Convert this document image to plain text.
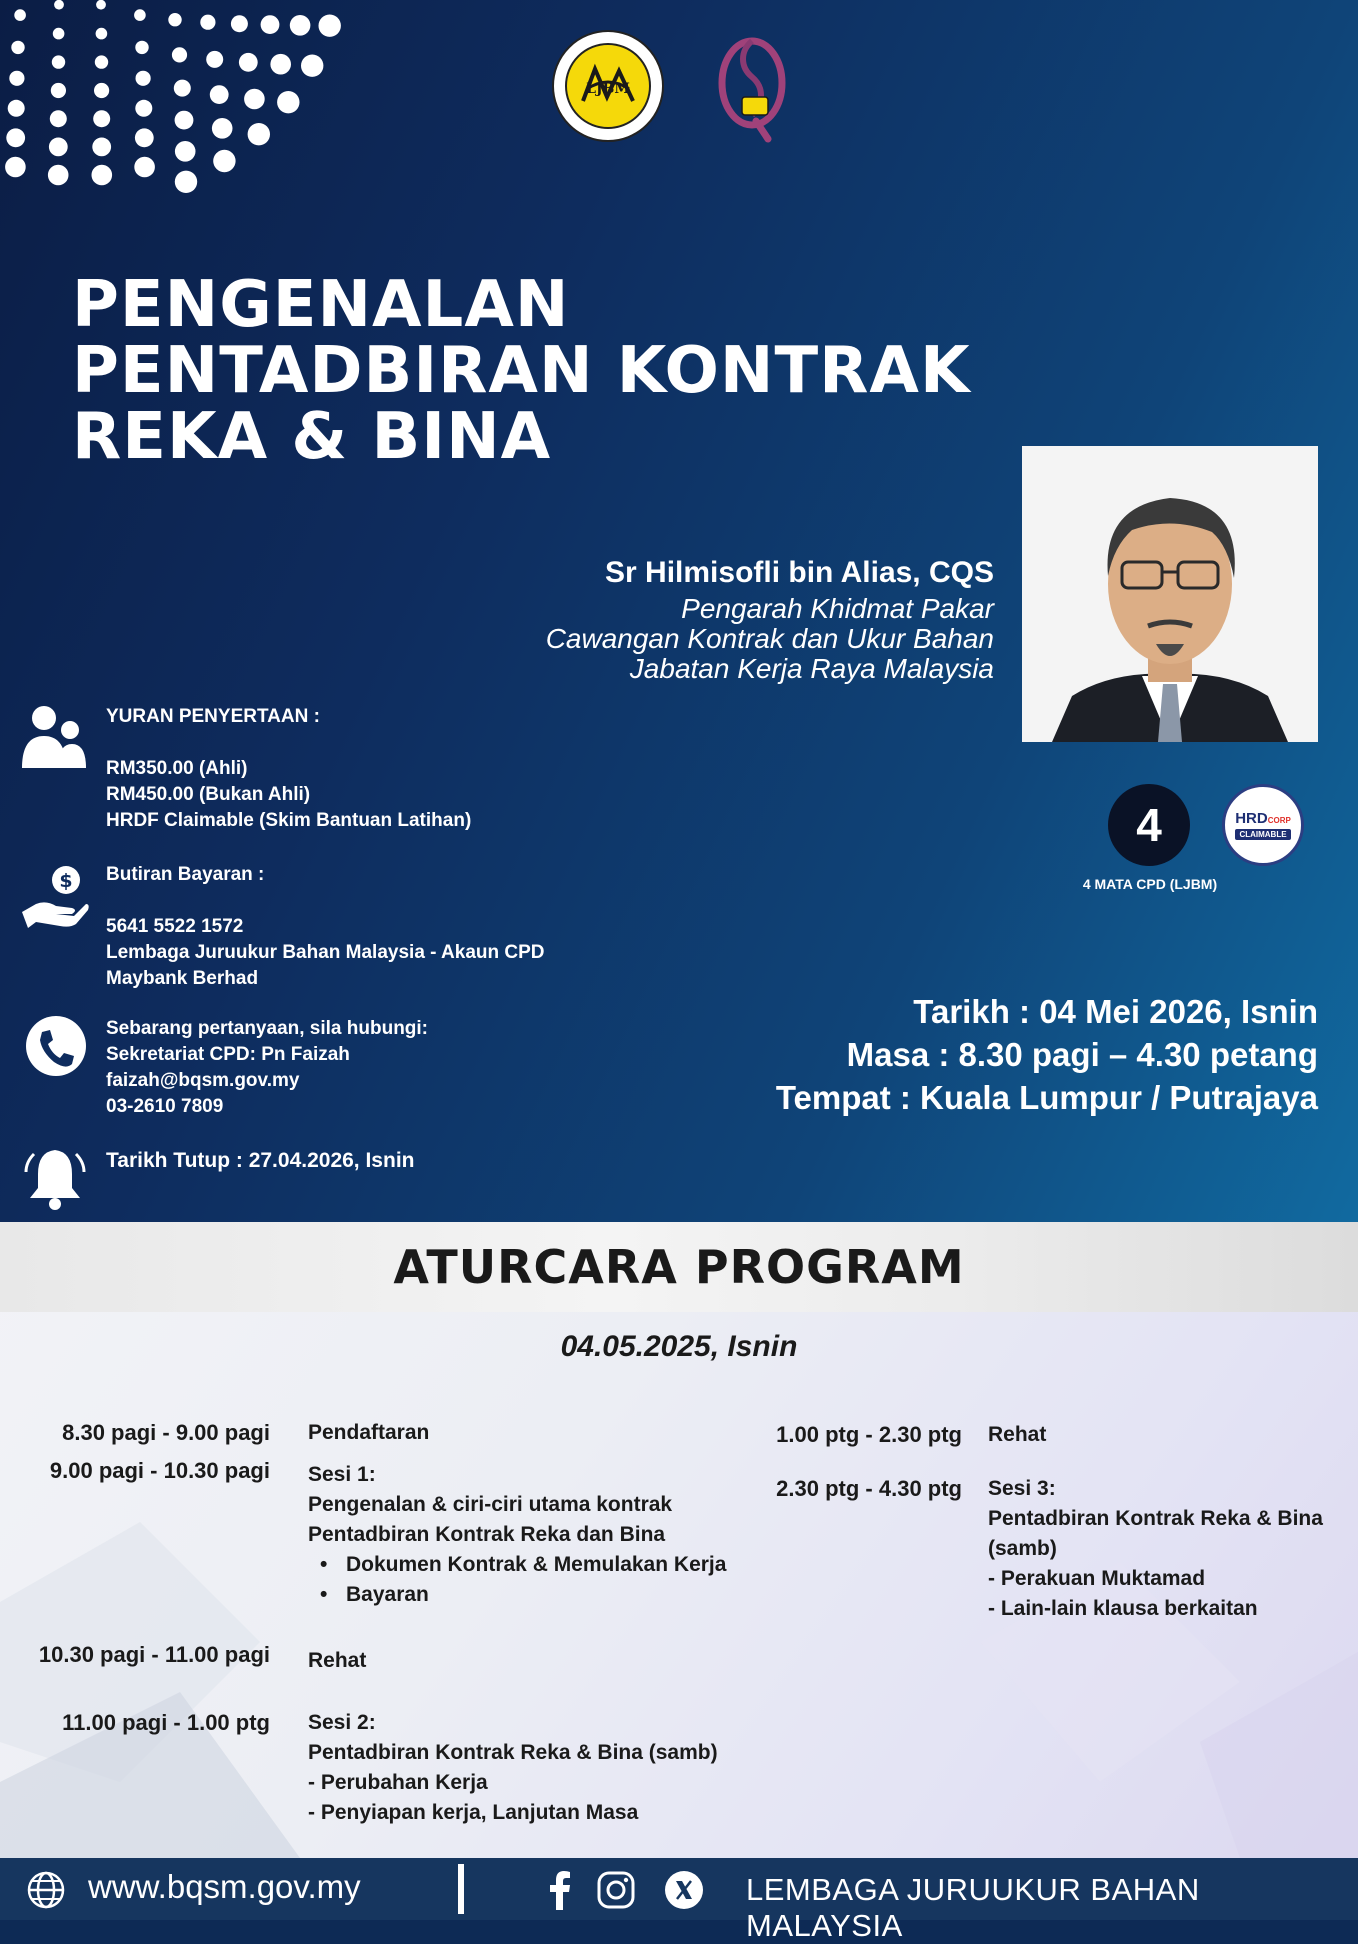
LJBM
PENGENALAN
PENTADBIRAN KONTRAK
REKA & BINA
Sr Hilmisofli bin Alias, CQS
Pengarah Khidmat Pakar
Cawangan Kontrak dan Ukur Bahan
Jabatan Kerja Raya Malaysia
YURAN PENYERTAAN :
RM350.00 (Ahli)
RM450.00 (Bukan Ahli)
HRDF Claimable (Skim Bantuan Latihan)
$ Butiran Bayaran :
5641 5522 1572
Lembaga Juruukur Bahan Malaysia - Akaun CPD
Maybank Berhad
Sebarang pertanyaan, sila hubungi:
Sekretariat CPD: Pn Faizah
faizah@bqsm.gov.my
03-2610 7809
Tarikh Tutup : 27.04.2026, Isnin
4	HRDCORP
CLAIMABLE
4 MATA CPD (LJBM)
Tarikh : 04 Mei 2026, Isnin
Masa : 8.30 pagi – 4.30 petang
Tempat : Kuala Lumpur / Putrajaya
ATURCARA PROGRAM
04.05.2025, Isnin
8.30 pagi - 9.00 pagi Pendaftaran
9.00 pagi - 10.30 pagi Sesi 1:
Pengenalan & ciri-ciri utama kontrak
Pentadbiran Kontrak Reka dan Bina
• Dokumen Kontrak & Memulakan Kerja
• Bayaran
10.30 pagi - 11.00 pagi Rehat
11.00 pagi - 1.00 ptg Sesi 2:
Pentadbiran Kontrak Reka & Bina (samb)
- Perubahan Kerja
- Penyiapan kerja, Lanjutan Masa
1.00 ptg - 2.30 ptg Rehat
2.30 ptg - 4.30 ptg Sesi 3:
Pentadbiran Kontrak Reka & Bina
(samb)
- Perakuan Muktamad
- Lain-lain klausa berkaitan
www.bqsm.gov.my	LEMBAGA JURUUKUR BAHAN MALAYSIA
